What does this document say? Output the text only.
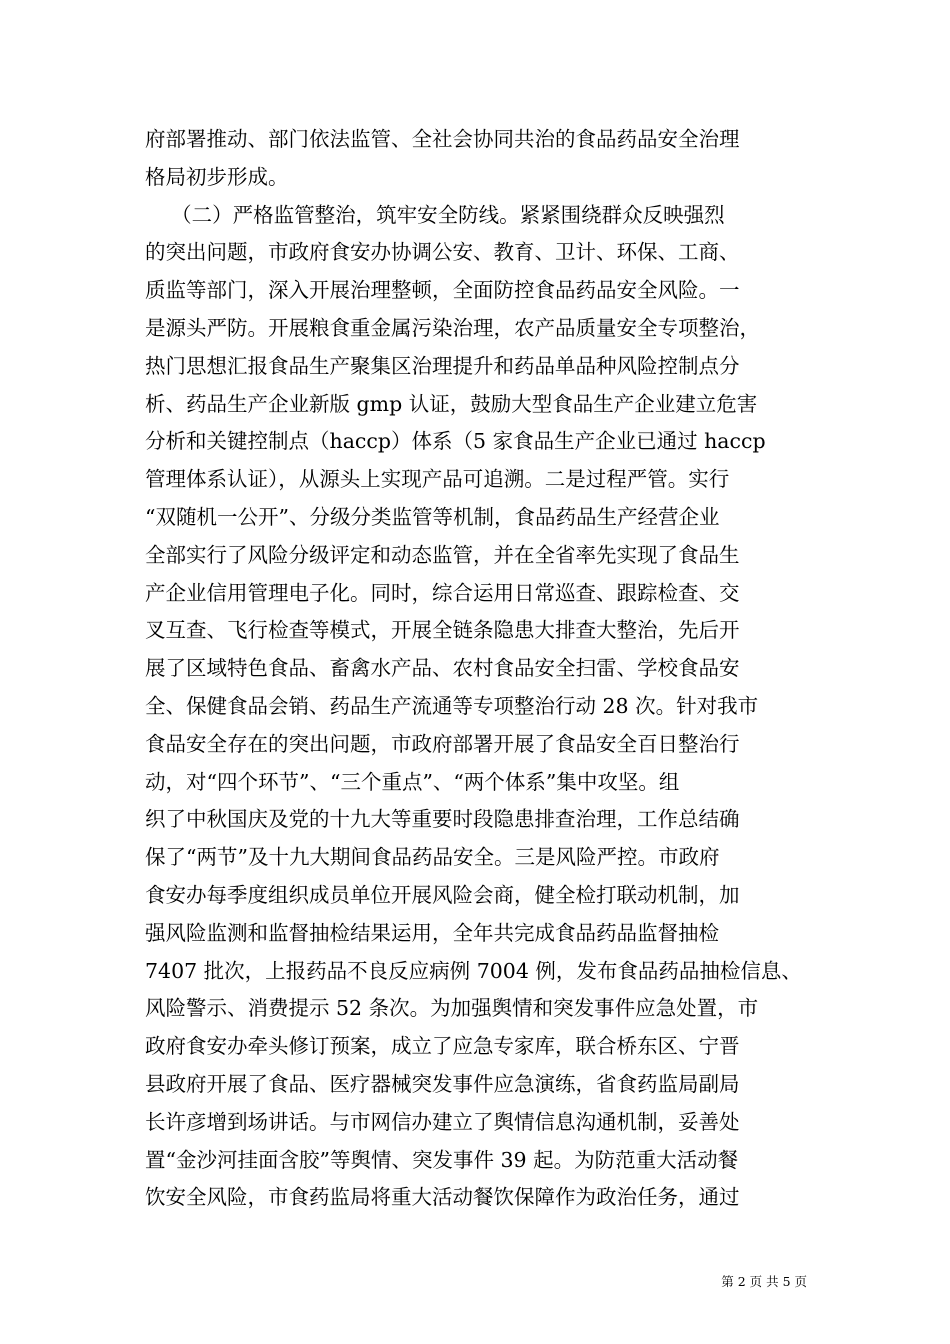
府部署推动、部门依法监管、全社会协同共治的食品药品安全治理
格局初步形成。
（二）严格监管整治，筑牢安全防线。紧紧围绕群众反映强烈
的突出问题，市政府食安办协调公安、教育、卫计、环保、工商、
质监等部门，深入开展治理整顿，全面防控食品药品安全风险。一
是源头严防。开展粮食重金属污染治理，农产品质量安全专项整治，
热门思想汇报食品生产聚集区治理提升和药品单品种风险控制点分
析、药品生产企业新版 gmp 认证，鼓励大型食品生产企业建立危害
分析和关键控制点（haccp）体系（5 家食品生产企业已通过 haccp
管理体系认证），从源头上实现产品可追溯。二是过程严管。实行
“双随机一公开”、分级分类监管等机制，食品药品生产经营企业
全部实行了风险分级评定和动态监管，并在全省率先实现了食品生
产企业信用管理电子化。同时，综合运用日常巡查、跟踪检查、交
叉互查、飞行检查等模式，开展全链条隐患大排查大整治，先后开
展了区域特色食品、畜禽水产品、农村食品安全扫雷、学校食品安
全、保健食品会销、药品生产流通等专项整治行动 28 次。针对我市
食品安全存在的突出问题，市政府部署开展了食品安全百日整治行
动，对“四个环节”、“三个重点”、“两个体系”集中攻坚。组
织了中秋国庆及党的十九大等重要时段隐患排查治理，工作总结确
保了“两节”及十九大期间食品药品安全。三是风险严控。市政府
食安办每季度组织成员单位开展风险会商，健全检打联动机制，加
强风险监测和监督抽检结果运用，全年共完成食品药品监督抽检
7407 批次，上报药品不良反应病例 7004 例，发布食品药品抽检信息、
风险警示、消费提示 52 条次。为加强舆情和突发事件应急处置，市
政府食安办牵头修订预案，成立了应急专家库，联合桥东区、宁晋
县政府开展了食品、医疗器械突发事件应急演练，省食药监局副局
长许彦增到场讲话。与市网信办建立了舆情信息沟通机制，妥善处
置“金沙河挂面含胶”等舆情、突发事件 39 起。为防范重大活动餐
饮安全风险，市食药监局将重大活动餐饮保障作为政治任务，通过
第 2 页 共 5 页
